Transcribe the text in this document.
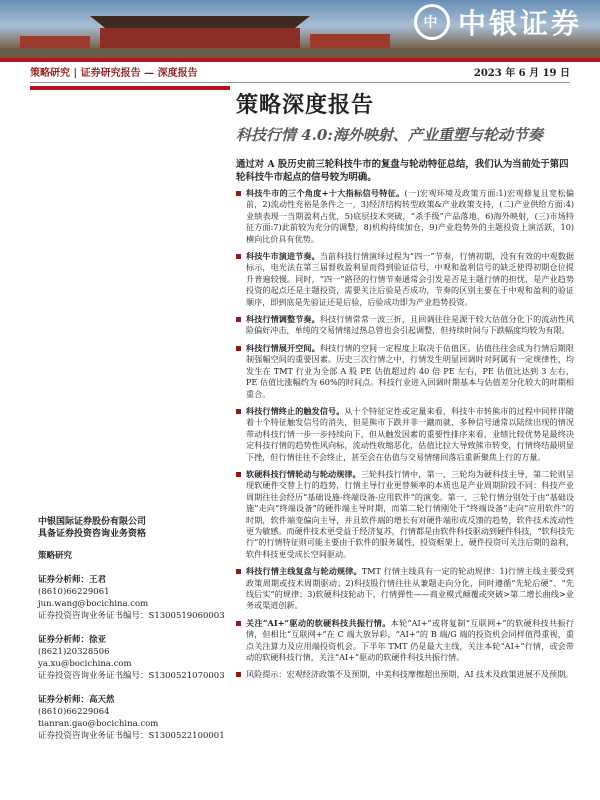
中 中银证券
策略研究 | 证券研究报告 — 深度报告	2023 年 6 月 19 日
策略深度报告
科技行情 4.0:海外映射、产业重塑与轮动节奏
通过对 A 股历史前三轮科技牛市的复盘与轮动特征总结，我们认为当前处于第四轮科技牛市起点的信号较为明确。
科技牛市的三个角度+十大指标信号特征。(一)宏观环境及政策方面:1)宏观修复且宽松偏前，2)流动性充裕是条件之一，3)经济结构转型政策&产业政策支持，(二)产业供给方面:4)业绩表现一当期盈利占优，5)底层技术突破，“杀手级”产品落地，6)海外映射，(三)市场特征方面:7)此前较为充分的调整，8)机构持续加仓，9)产业趋势外的主题投资上演活跃，10)横向比价具有优势。
科技牛市演进节奏。当前科技行情演绎过程为“四一”节奏，行情初期，没有有效的中观数据标示，电光法在第三届督收盈利显而得到验证信号，中观和盈利信号的缺乏使得初期仓位提升普遍较慢。同时，“四一”路径的行情节奏通常会引发是否是主题行情的担忧，是产业趋势投资的起点还是主题投资，需要关注后验是否成功，节奏的区别主要在于中观和盈利的验证顺序，即到底是先验证还是后验，后验成功即为产业趋势投资。
科技行情调整节奏。科技行情常常一波三折，且回调往往是源于较大估值分化下的流动性风险偏好冲击，单纯的交易情绪过热总管也会引起调整，但持续时间与下跌幅度均较为有限。
科技行情展开空间。科技行情的空间一定程度上取决于估值区。估值往往会成为行情后期限制强幅空间的重要因素。历史三次行情之中，行情发生明显回调时对阿属有一定规律性，均发生在 TMT 行业为全部 A 股 PE 估值超过约 40 倍 PE 左右，PE 估值比达到 3 左右，PE 估值比涨幅约为 60%的时间点。科技行业进入回调时期基本与估值差分化较大的时期相重合。
科技行情终止的触发信号。从十个特征定性或定量来看，科技牛市转熊市的过程中同样伴随着十个特征触发信号的消失，但是熊市下跌并非一蹴而就，多种信号通常以陆续出现的情况带动科技行情一步一步持续向下，但从触发因素的重要性排序来看，业绩比较优势是最终决定科技行情的趋势性风向标，流动性收缩恶化，估值比拉大导致熊市转变，行情终结最明显下挫，但行情往往不会终止，甚至会在估值与交易情绪回落后重新聚焦上行的方量。
软硬科技行情轮动与轮动规律。三轮科技行情中，第一、三轮均为硬科技主导，第二轮则呈现软硬件交替上行的趋势，行情主导行业更替频率的本质也是产业周期阶段不同：科技产业周期往往会经历“基础设施-终端设备-应用软件”的演变。第一、三轮行情分别处于由“基础设施”走向“终端设备”的硬件端主导时期，而第二轮行情刚处于“终端设备”走向“应用软件”的时期，软件端变偏向主导，并且软件端的增长有对硬件端形成反馈的趋势，软件技术流动性更为敏感。而硬件技术更受益于经济复苏，行情都是由软件科技驱动到硬件科技，“软科技先行”的行情特征则可能主要由于软件的服务属性，投资框架上，硬件投资可关注后期的盈利，软件科技更受成长空间驱动。
科技行情主线复盘与轮动规律。TMT 行情主线具有一定的轮动规律：1)行情主线主要受到政策周期或技术周期驱动；2)科技股行情往往从兼题走向分化，同时遵循“先轮后硬”、“先线后实”的规律；3)软硬科技轮动下，行情弹性——商业模式颠覆或突破>第二增长曲线>业务或渠道创新。
关注“AI+”驱动的软硬科技共振行情。本轮“AI+”或将复制“互联网+”的软硬科技共振行情，但相比“互联网+”在 C 端大放异彩，“AI+”的 B 端/G 端的投资机会同样值得重视，重点关注算力及应用端投资机会。下半年 TMT 仍是最大主线，关注本轮“AI+”行情，或会带动的软硬科技行情，关注“AI+”驱动的软硬件科技共振行情。
风险提示：宏观经济政策不及预期，中美科技摩擦超出预期，AI 技术及政策进展不及预期。
中银国际证券股份有限公司
具备证券投资咨询业务资格
策略研究
证券分析师：王君
(8610)66229061
jun.wang@bocichina.com
证券投资咨询业务证书编号：S1300519060003
证券分析师：徐亚
(8621)20328506
ya.xu@bocichina.com
证券投资咨询业务证书编号：S1300521070003
证券分析师：高天然
(8610)66229064
tianran.gao@bocichina.com
证券投资咨询业务证书编号：S1300522100001
